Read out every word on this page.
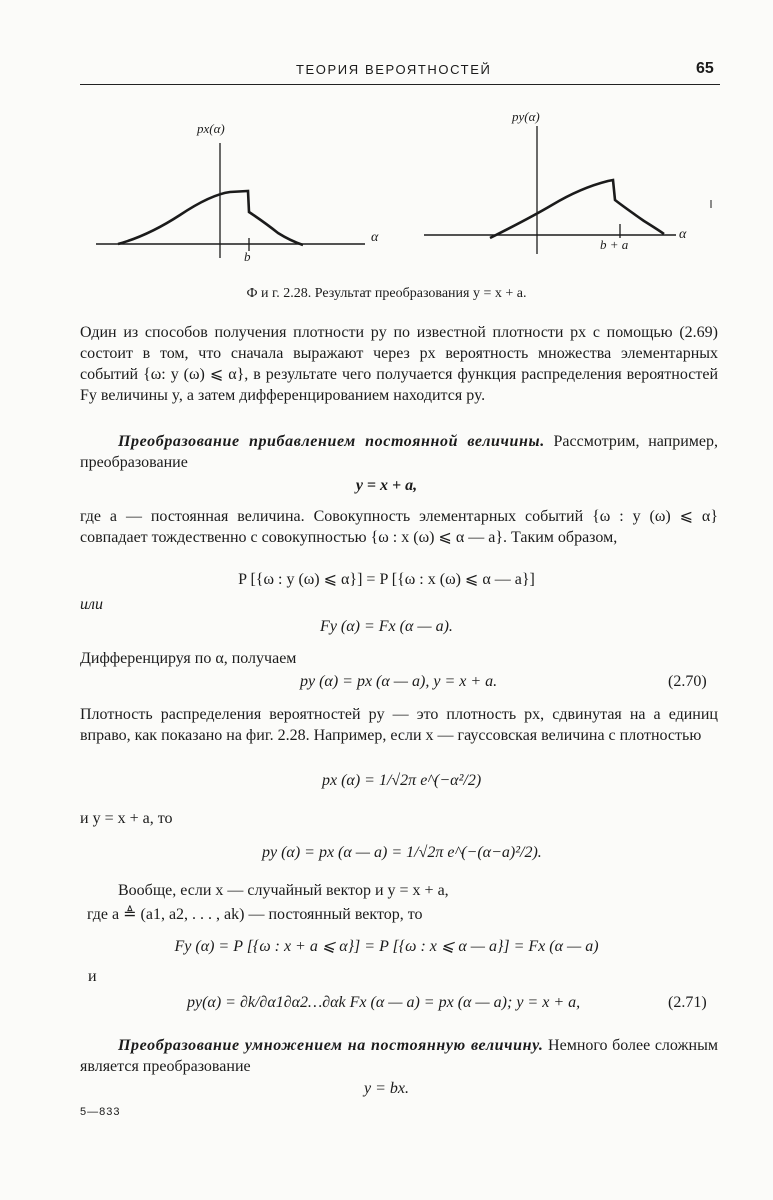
ТЕОРИЯ ВЕРОЯТНОСТЕЙ	65
px(α)
α
b
py(α)
α
b + a
Ф и г. 2.28. Результат преобразования y = x + a.
Один из способов получения плотности py по известной плотности px с помощью (2.69) состоит в том, что сначала выражают через px вероятность множества элементарных событий {ω: y (ω) ⩽ α}, в результате чего получается функция распределения вероятностей Fy величины y, а затем дифференцированием находится py.
Преобразование прибавлением постоянной величины. Рассмотрим, например, преобразование
y = x + a,
где a — постоянная величина. Совокупность элементарных событий {ω : y (ω) ⩽ α} совпадает тождественно с совокупностью {ω : x (ω) ⩽ α — a}. Таким образом,
P [{ω : y (ω) ⩽ α}] = P [{ω : x (ω) ⩽ α — a}]
или
Fy (α) = Fx (α — a).
Дифференцируя по α, получаем
py (α) = px (α — a), y = x + a.	(2.70)
Плотность распределения вероятностей py — это плотность px, сдвинутая на a единиц вправо, как показано на фиг. 2.28. Например, если x — гауссовская величина с плотностью
px (α) = 1/√2π e^(−α²/2)
и y = x + a, то
py (α) = px (α — a) = 1/√2π e^(−(α−a)²/2).
Вообще, если x — случайный вектор и y = x + a,
где a ≜ (a1, a2, . . . , ak) — постоянный вектор, то
Fy (α) = P [{ω : x + a ⩽ α}] = P [{ω : x ⩽ α — a}] = Fx (α — a)
и
py(α) = ∂k/∂α1∂α2…∂αk Fx (α — a) = px (α — a); y = x + a,	(2.71)
Преобразование умножением на постоянную величину. Немного более сложным является преобразование
y = bx.
5—833
